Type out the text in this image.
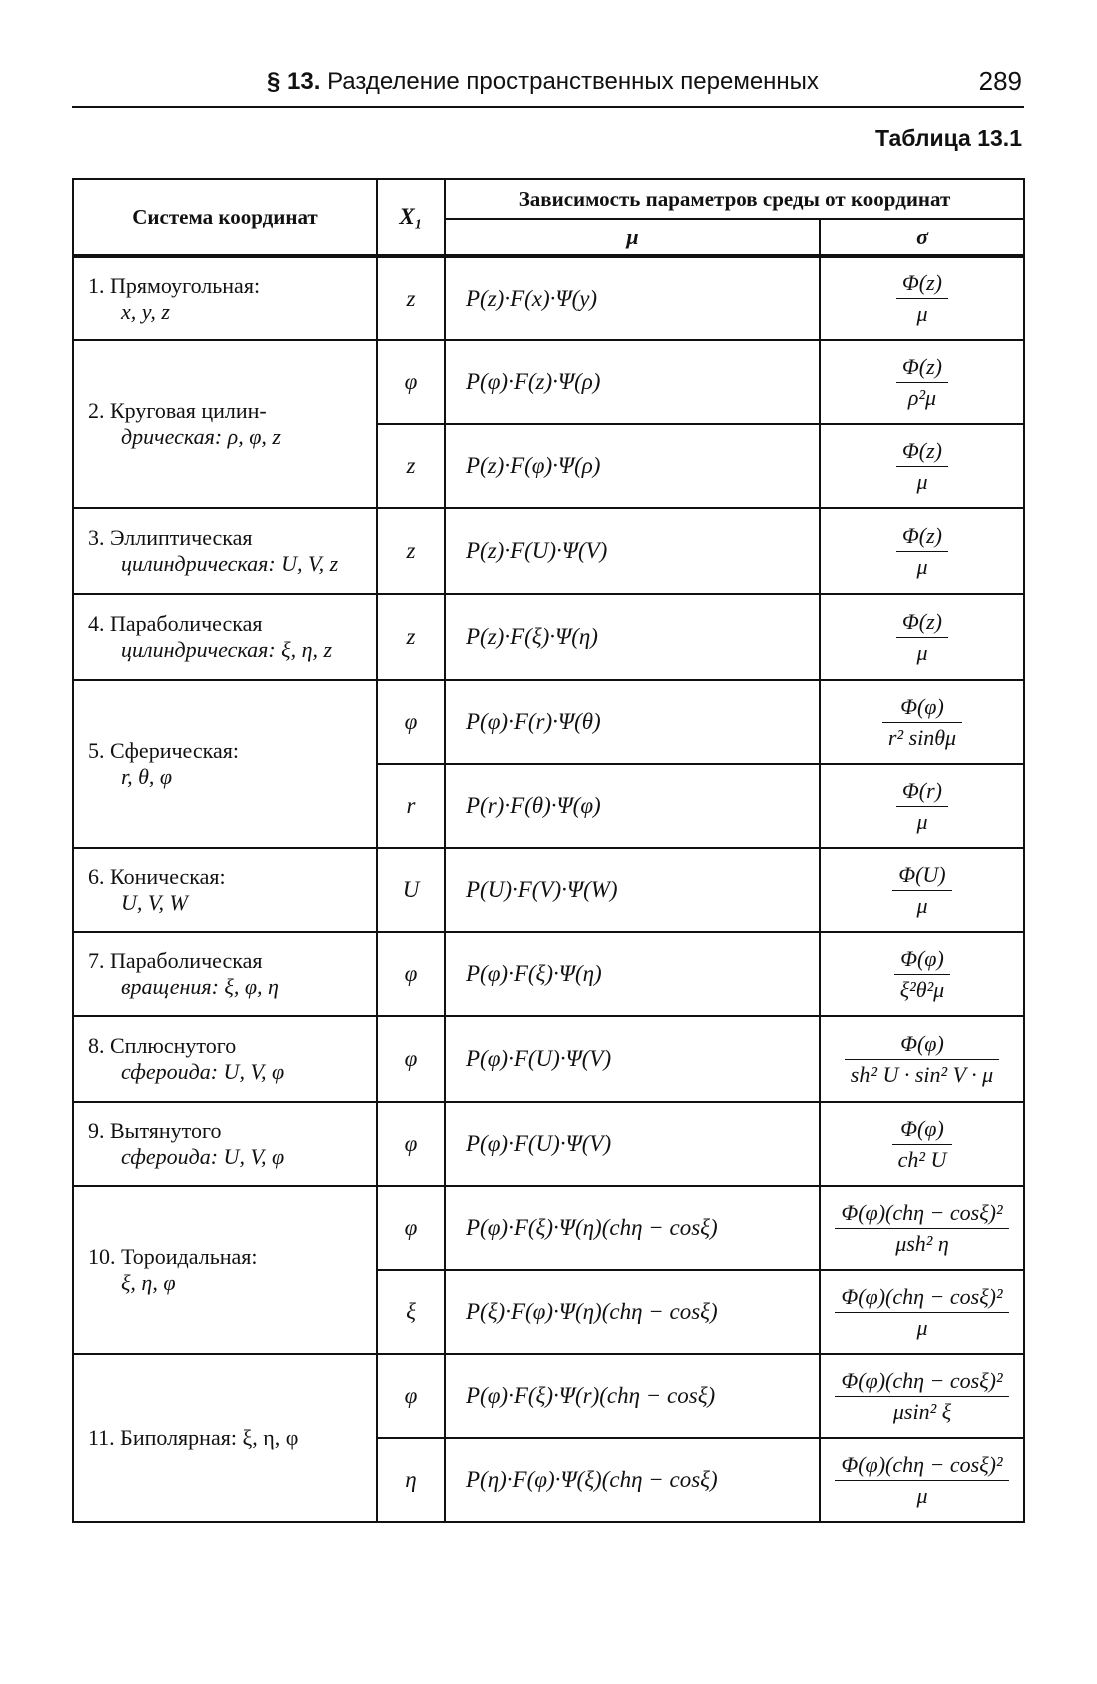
§ 13. Разделение пространственных переменных	289
Таблица 13.1
Система координат	X₁	Зависимость параметров среды от координат	
		μ	σ

1. Прямоугольная:
x, y, z	z	P(z)·F(x)·Ψ(y)	$\frac{\Phi(z)}{\mu}$

2. Круговая цилин-
дрическая: ρ, φ, z	φ	P(φ)·F(z)·Ψ(ρ)	$\frac{\Phi(z)}{\text{ρ²μ}}$

	z	P(z)·F(φ)·Ψ(ρ)	$\frac{\Phi(z)}{\mu}$

3. Эллиптическая
цилиндрическая: U, V, z	z	P(z)·F(U)·Ψ(V)	$\frac{\Phi(z)}{\mu}$

4. Параболическая
цилиндрическая: ξ, η, z	z	P(z)·F(ξ)·Ψ(η)	$\frac{\Phi(z)}{\mu}$

5. Сферическая:
r, θ, φ	φ	P(φ)·F(r)·Ψ(θ)	$\frac{\Phi(\varphi)}{\text{r² sinθμ}}$

	r	P(r)·F(θ)·Ψ(φ)	$\frac{\Phi(r)}{\mu}$

6. Коническая:
U, V, W	U	P(U)·F(V)·Ψ(W)	$\frac{\Phi(U)}{\mu}$

7. Параболическая
вращения: ξ, φ, η	φ	P(φ)·F(ξ)·Ψ(η)	$\frac{\Phi(\varphi)}{\text{ξ²θ²μ}}$

8. Сплюснутого
сфероида: U, V, φ	φ	P(φ)·F(U)·Ψ(V)	$\frac{\Phi(\varphi)}{\text{sh² U · sin² V · μ}}$

9. Вытянутого
сфероида: U, V, φ	φ	P(φ)·F(U)·Ψ(V)	$\frac{\Phi(\varphi)}{\text{ch² U}}$

10. Тороидальная:
ξ, η, φ	φ	P(φ)·F(ξ)·Ψ(η)(chη − cosξ)	$\frac{\text{Φ(φ)(chη − cosξ)²}}{\text{μsh² η}}$

	ξ	P(ξ)·F(φ)·Ψ(η)(chη − cosξ)	$\frac{\text{Φ(φ)(chη − cosξ)²}}{\mu}$

11. Биполярная: ξ, η, φ	φ	P(φ)·F(ξ)·Ψ(r)(chη − cosξ)	$\frac{\text{Φ(φ)(chη − cosξ)²}}{\text{μsin² ξ}}$

	η	P(η)·F(φ)·Ψ(ξ)(chη − cosξ)	$\frac{\text{Φ(φ)(chη − cosξ)²}}{\mu}$
